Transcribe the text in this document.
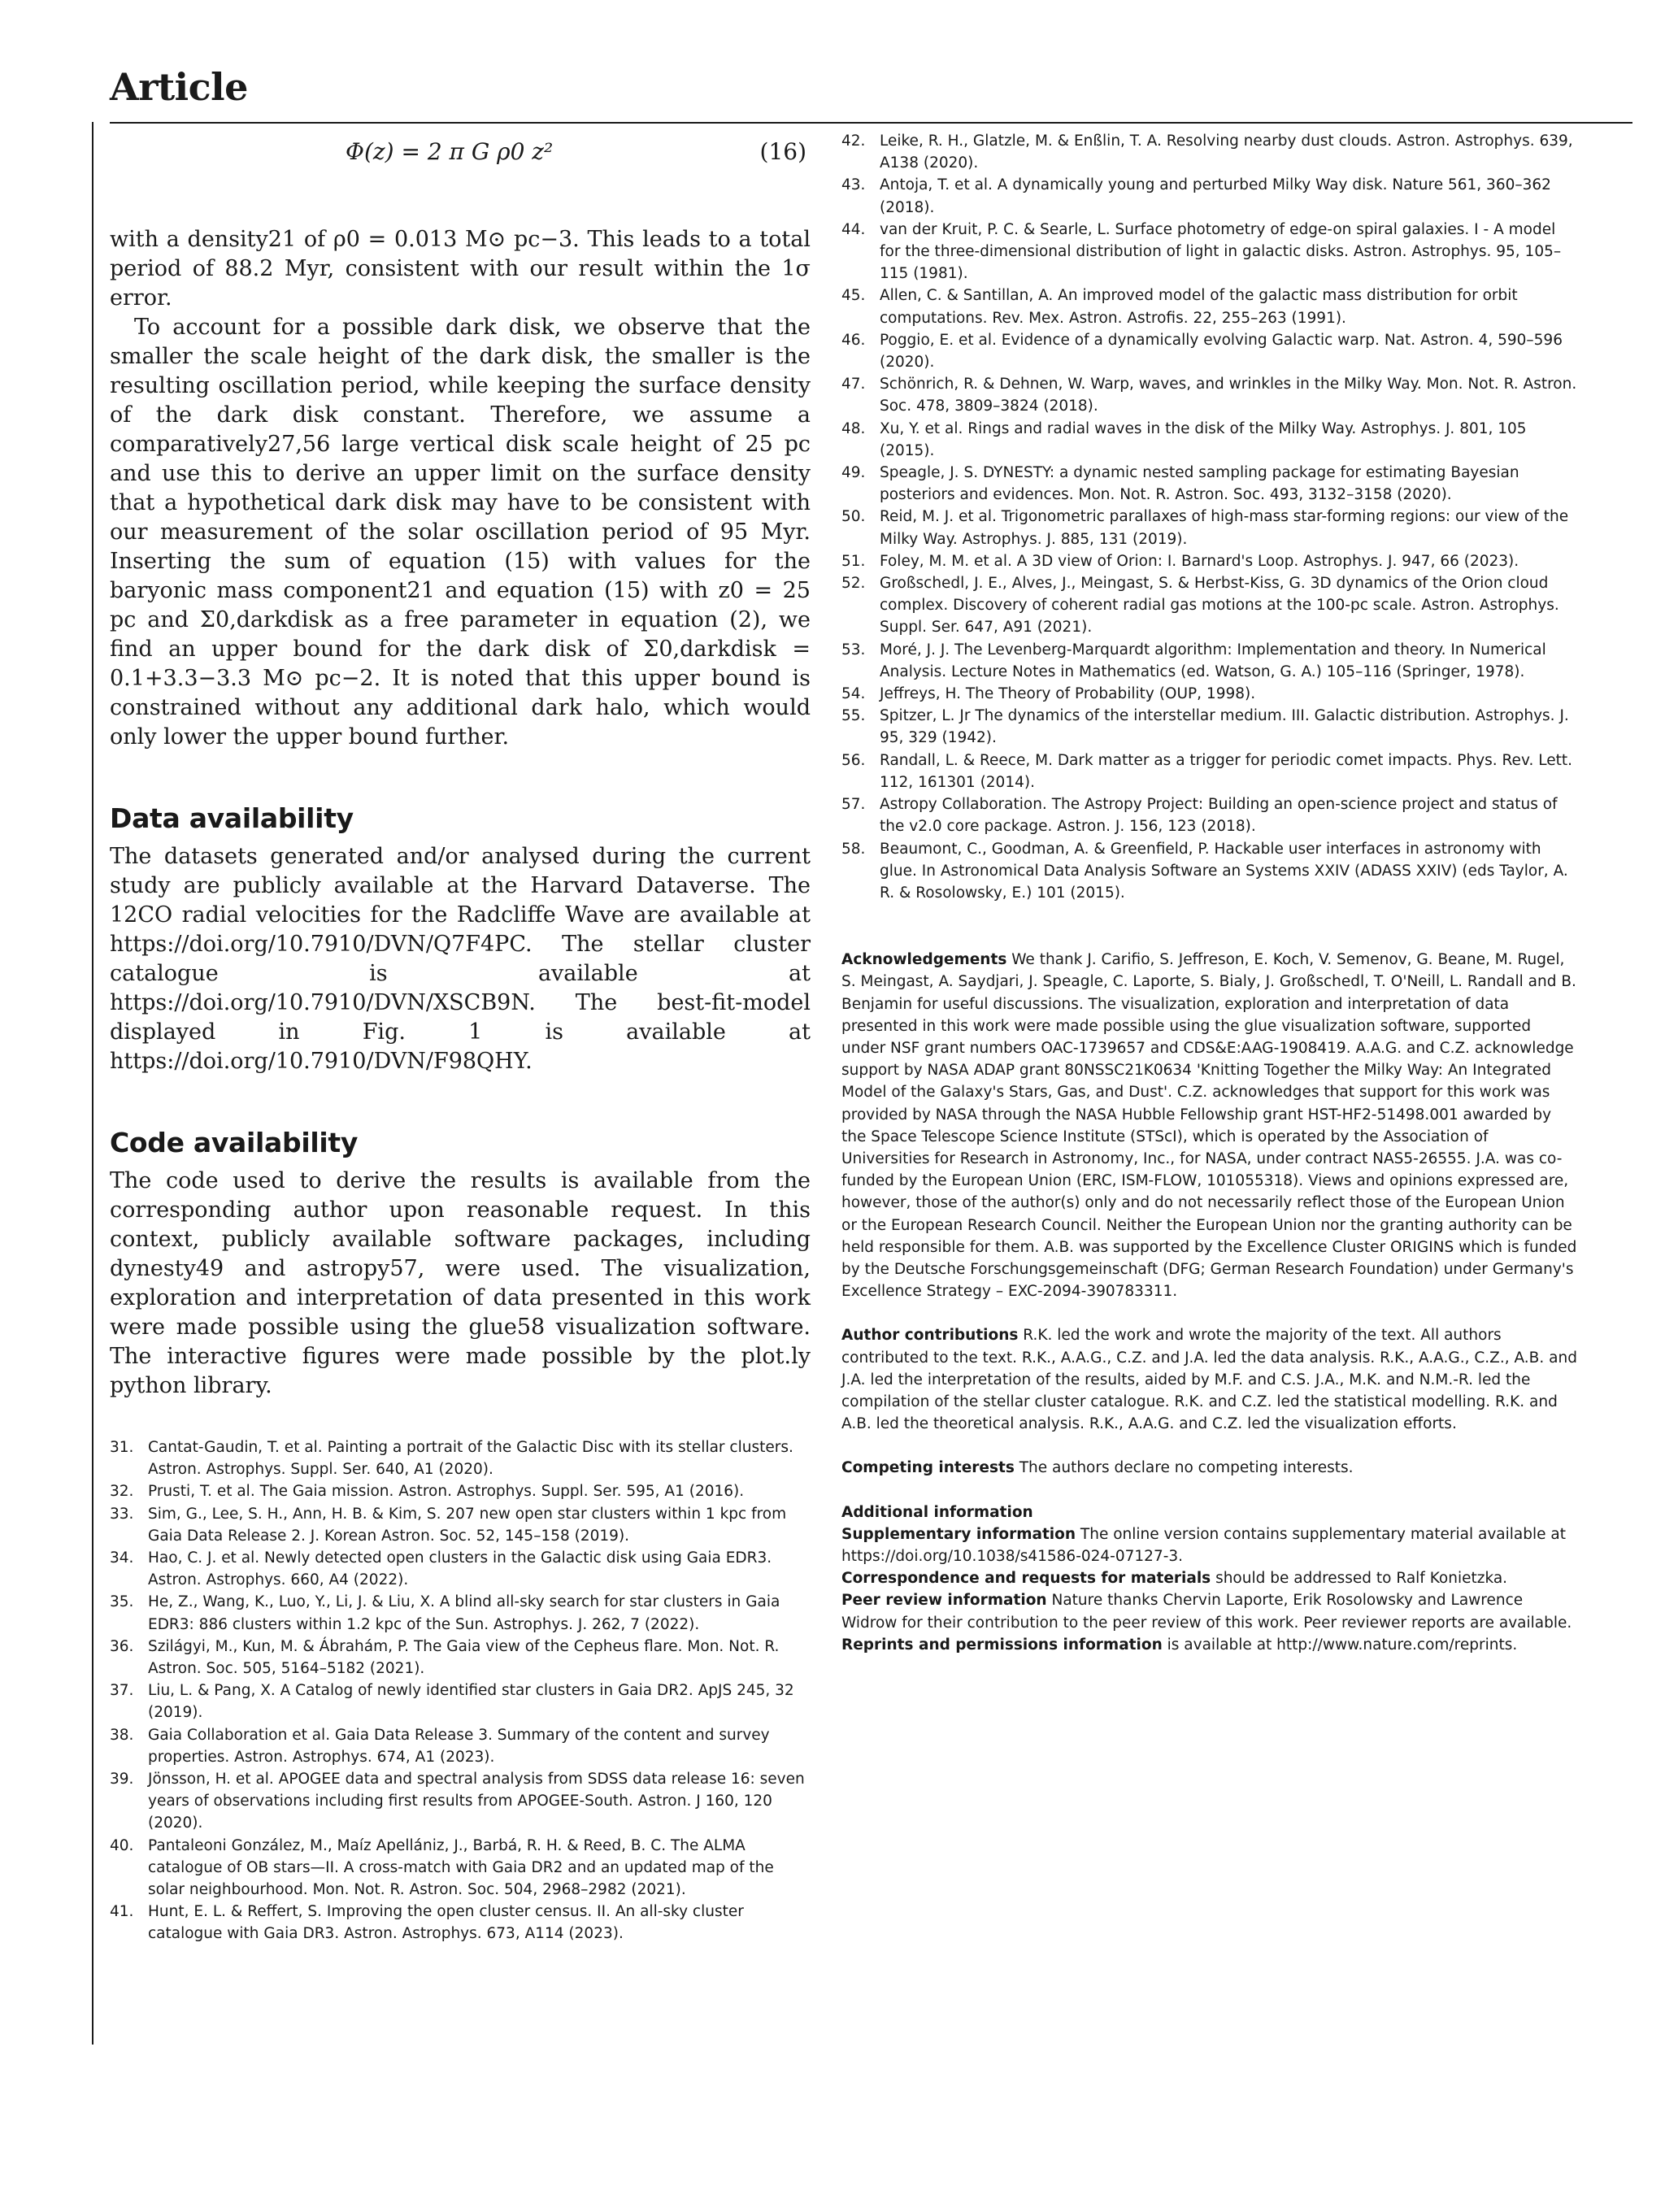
Article
Φ(z) = 2 π G ρ0 z²	(16)

with a density21 of ρ0 = 0.013 M⊙ pc−3. This leads to a total period of 88.2 Myr, consistent with our result within the 1σ error.

To account for a possible dark disk, we observe that the smaller the scale height of the dark disk, the smaller is the resulting oscillation period, while keeping the surface density of the dark disk constant. Therefore, we assume a comparatively27,56 large vertical disk scale height of 25 pc and use this to derive an upper limit on the surface density that a hypothetical dark disk may have to be consistent with our measurement of the solar oscillation period of 95 Myr. Inserting the sum of equation (15) with values for the baryonic mass component21 and equation (15) with z0 = 25 pc and Σ0,darkdisk as a free parameter in equation (2), we find an upper bound for the dark disk of Σ0,darkdisk = 0.1+3.3−3.3 M⊙ pc−2. It is noted that this upper bound is constrained without any additional dark halo, which would only lower the upper bound further.

Data availability

The datasets generated and/or analysed during the current study are publicly available at the Harvard Dataverse. The 12CO radial velocities for the Radcliffe Wave are available at https://doi.org/10.7910/DVN/Q7F4PC. The stellar cluster catalogue is available at https://doi.org/10.7910/DVN/XSCB9N. The best-fit-model displayed in Fig. 1 is available at https://doi.org/10.7910/DVN/F98QHY.

Code availability

The code used to derive the results is available from the corresponding author upon reasonable request. In this context, publicly available software packages, including dynesty49 and astropy57, were used. The visualization, exploration and interpretation of data presented in this work were made possible using the glue58 visualization software. The interactive figures were made possible by the plot.ly python library.

31. Cantat-Gaudin, T. et al. Painting a portrait of the Galactic Disc with its stellar clusters. Astron. Astrophys. Suppl. Ser. 640, A1 (2020).
32. Prusti, T. et al. The Gaia mission. Astron. Astrophys. Suppl. Ser. 595, A1 (2016).
33. Sim, G., Lee, S. H., Ann, H. B. & Kim, S. 207 new open star clusters within 1 kpc from Gaia Data Release 2. J. Korean Astron. Soc. 52, 145–158 (2019).
34. Hao, C. J. et al. Newly detected open clusters in the Galactic disk using Gaia EDR3. Astron. Astrophys. 660, A4 (2022).
35. He, Z., Wang, K., Luo, Y., Li, J. & Liu, X. A blind all-sky search for star clusters in Gaia EDR3: 886 clusters within 1.2 kpc of the Sun. Astrophys. J. 262, 7 (2022).
36. Szilágyi, M., Kun, M. & Ábrahám, P. The Gaia view of the Cepheus flare. Mon. Not. R. Astron. Soc. 505, 5164–5182 (2021).
37. Liu, L. & Pang, X. A Catalog of newly identified star clusters in Gaia DR2. ApJS 245, 32 (2019).
38. Gaia Collaboration et al. Gaia Data Release 3. Summary of the content and survey properties. Astron. Astrophys. 674, A1 (2023).
39. Jönsson, H. et al. APOGEE data and spectral analysis from SDSS data release 16: seven years of observations including first results from APOGEE-South. Astron. J 160, 120 (2020).
40. Pantaleoni González, M., Maíz Apellániz, J., Barbá, R. H. & Reed, B. C. The ALMA catalogue of OB stars—II. A cross-match with Gaia DR2 and an updated map of the solar neighbourhood. Mon. Not. R. Astron. Soc. 504, 2968–2982 (2021).
41. Hunt, E. L. & Reffert, S. Improving the open cluster census. II. An all-sky cluster catalogue with Gaia DR3. Astron. Astrophys. 673, A114 (2023).
42. Leike, R. H., Glatzle, M. & Enßlin, T. A. Resolving nearby dust clouds. Astron. Astrophys. 639, A138 (2020).
43. Antoja, T. et al. A dynamically young and perturbed Milky Way disk. Nature 561, 360–362 (2018).
44. van der Kruit, P. C. & Searle, L. Surface photometry of edge-on spiral galaxies. I - A model for the three-dimensional distribution of light in galactic disks. Astron. Astrophys. 95, 105–115 (1981).
45. Allen, C. & Santillan, A. An improved model of the galactic mass distribution for orbit computations. Rev. Mex. Astron. Astrofis. 22, 255–263 (1991).
46. Poggio, E. et al. Evidence of a dynamically evolving Galactic warp. Nat. Astron. 4, 590–596 (2020).
47. Schönrich, R. & Dehnen, W. Warp, waves, and wrinkles in the Milky Way. Mon. Not. R. Astron. Soc. 478, 3809–3824 (2018).
48. Xu, Y. et al. Rings and radial waves in the disk of the Milky Way. Astrophys. J. 801, 105 (2015).
49. Speagle, J. S. DYNESTY: a dynamic nested sampling package for estimating Bayesian posteriors and evidences. Mon. Not. R. Astron. Soc. 493, 3132–3158 (2020).
50. Reid, M. J. et al. Trigonometric parallaxes of high-mass star-forming regions: our view of the Milky Way. Astrophys. J. 885, 131 (2019).
51. Foley, M. M. et al. A 3D view of Orion: I. Barnard's Loop. Astrophys. J. 947, 66 (2023).
52. Großschedl, J. E., Alves, J., Meingast, S. & Herbst-Kiss, G. 3D dynamics of the Orion cloud complex. Discovery of coherent radial gas motions at the 100-pc scale. Astron. Astrophys. Suppl. Ser. 647, A91 (2021).
53. Moré, J. J. The Levenberg-Marquardt algorithm: Implementation and theory. In Numerical Analysis. Lecture Notes in Mathematics (ed. Watson, G. A.) 105–116 (Springer, 1978).
54. Jeffreys, H. The Theory of Probability (OUP, 1998).
55. Spitzer, L. Jr The dynamics of the interstellar medium. III. Galactic distribution. Astrophys. J. 95, 329 (1942).
56. Randall, L. & Reece, M. Dark matter as a trigger for periodic comet impacts. Phys. Rev. Lett. 112, 161301 (2014).
57. Astropy Collaboration. The Astropy Project: Building an open-science project and status of the v2.0 core package. Astron. J. 156, 123 (2018).
58. Beaumont, C., Goodman, A. & Greenfield, P. Hackable user interfaces in astronomy with glue. In Astronomical Data Analysis Software an Systems XXIV (ADASS XXIV) (eds Taylor, A. R. & Rosolowsky, E.) 101 (2015).

Acknowledgements We thank J. Carifio, S. Jeffreson, E. Koch, V. Semenov, G. Beane, M. Rugel, S. Meingast, A. Saydjari, J. Speagle, C. Laporte, S. Bialy, J. Großschedl, T. O'Neill, L. Randall and B. Benjamin for useful discussions. The visualization, exploration and interpretation of data presented in this work were made possible using the glue visualization software, supported under NSF grant numbers OAC-1739657 and CDS&E:AAG-1908419. A.A.G. and C.Z. acknowledge support by NASA ADAP grant 80NSSC21K0634 'Knitting Together the Milky Way: An Integrated Model of the Galaxy's Stars, Gas, and Dust'. C.Z. acknowledges that support for this work was provided by NASA through the NASA Hubble Fellowship grant HST-HF2-51498.001 awarded by the Space Telescope Science Institute (STScI), which is operated by the Association of Universities for Research in Astronomy, Inc., for NASA, under contract NAS5-26555. J.A. was co-funded by the European Union (ERC, ISM-FLOW, 101055318). Views and opinions expressed are, however, those of the author(s) only and do not necessarily reflect those of the European Union or the European Research Council. Neither the European Union nor the granting authority can be held responsible for them. A.B. was supported by the Excellence Cluster ORIGINS which is funded by the Deutsche Forschungsgemeinschaft (DFG; German Research Foundation) under Germany's Excellence Strategy – EXC-2094-390783311.

Author contributions R.K. led the work and wrote the majority of the text. All authors contributed to the text. R.K., A.A.G., C.Z. and J.A. led the data analysis. R.K., A.A.G., C.Z., A.B. and J.A. led the interpretation of the results, aided by M.F. and C.S. J.A., M.K. and N.M.-R. led the compilation of the stellar cluster catalogue. R.K. and C.Z. led the statistical modelling. R.K. and A.B. led the theoretical analysis. R.K., A.A.G. and C.Z. led the visualization efforts.

Competing interests The authors declare no competing interests.

Additional information
Supplementary information The online version contains supplementary material available at https://doi.org/10.1038/s41586-024-07127-3.
Correspondence and requests for materials should be addressed to Ralf Konietzka.
Peer review information Nature thanks Chervin Laporte, Erik Rosolowsky and Lawrence Widrow for their contribution to the peer review of this work. Peer reviewer reports are available.
Reprints and permissions information is available at http://www.nature.com/reprints.
